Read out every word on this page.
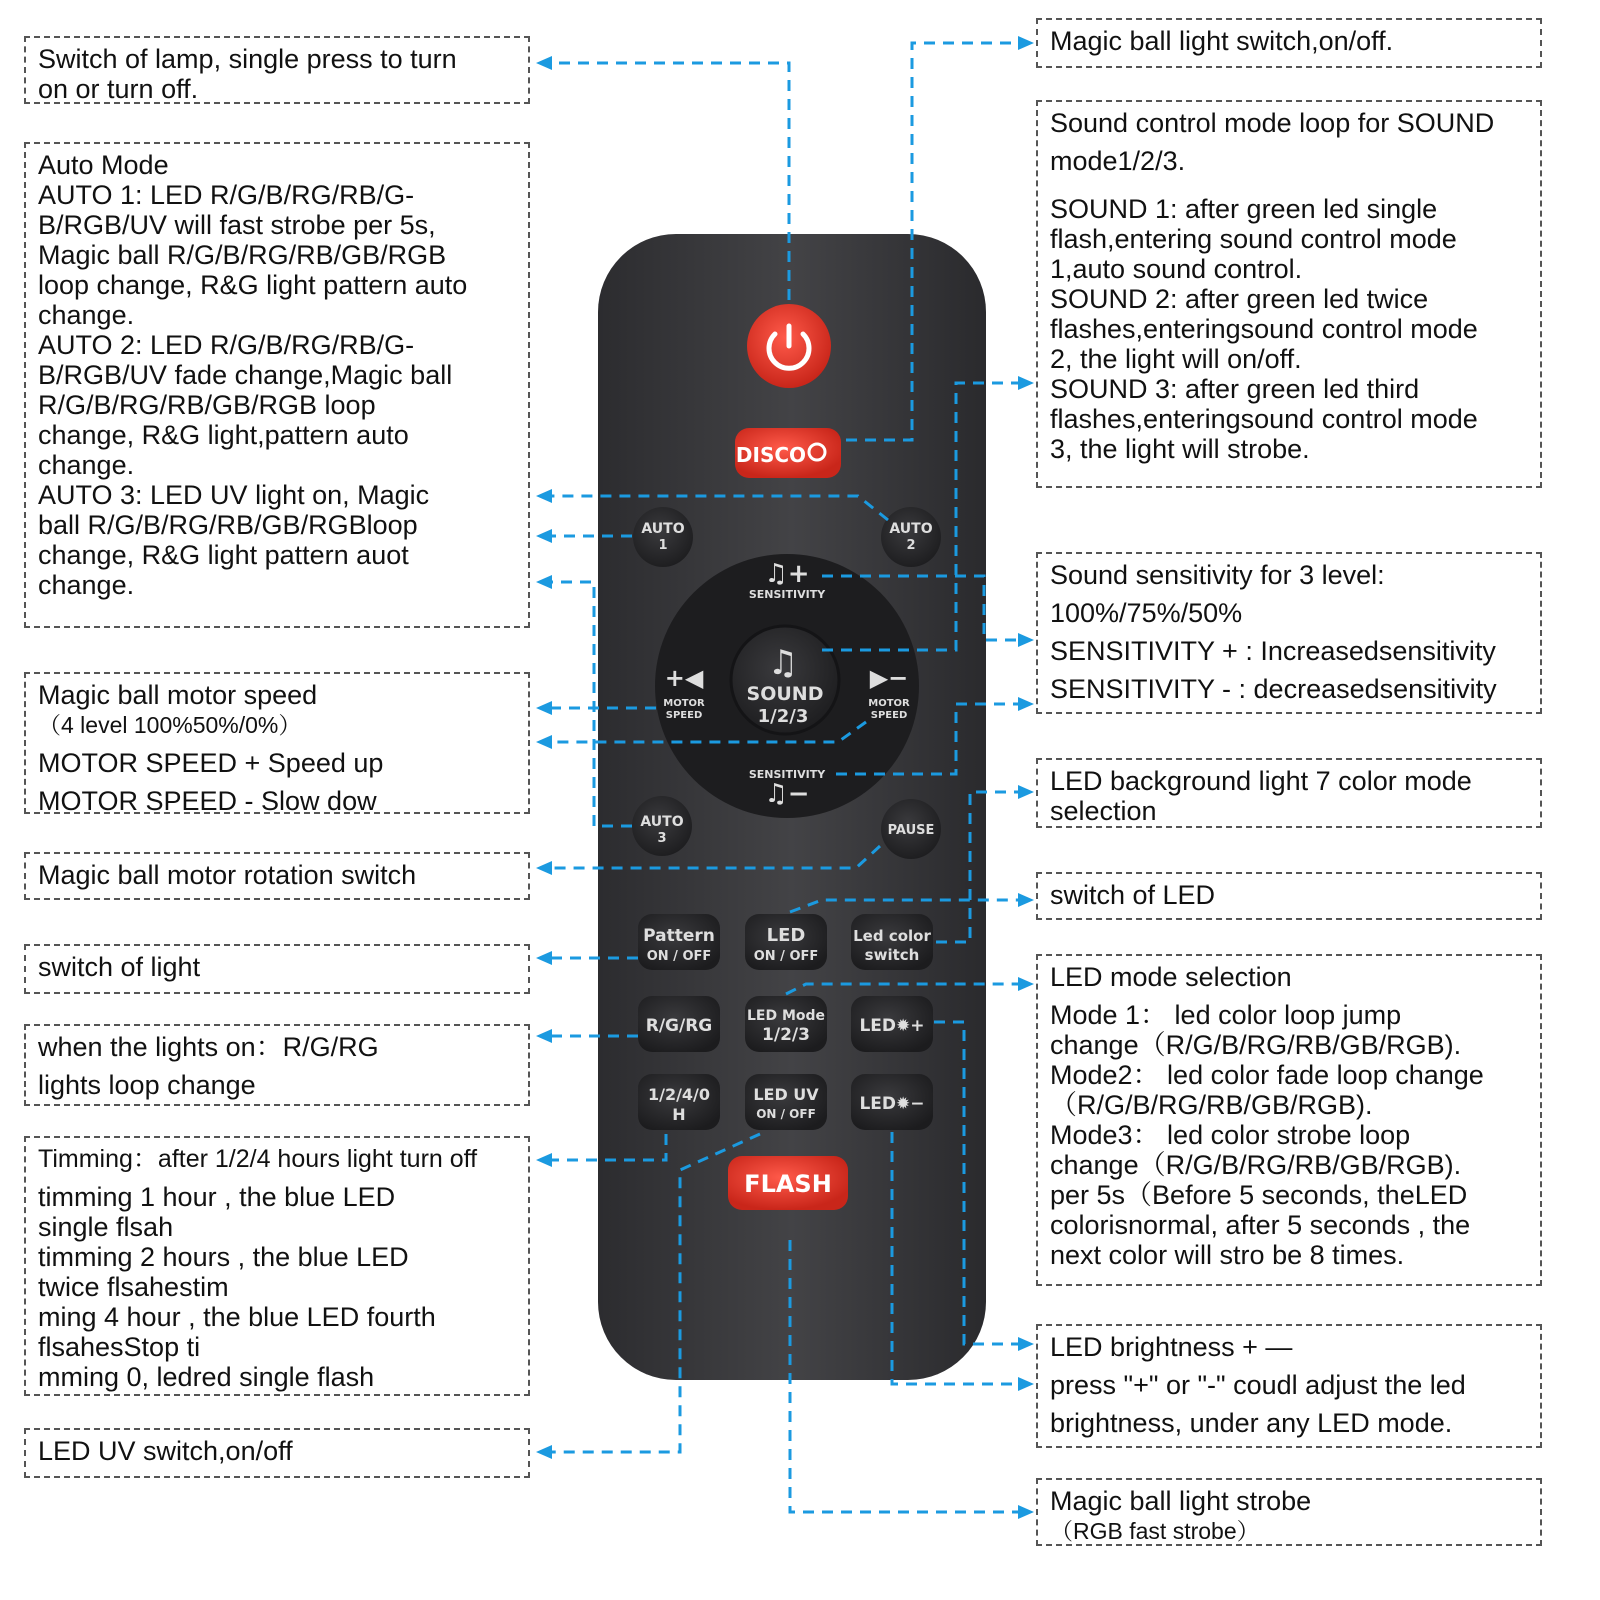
Switch of lamp, single press to turn
on or turn off.
Auto Mode
AUTO 1: LED R/G/B/RG/RB/G-
B/RGB/UV will fast strobe per 5s,
Magic ball R/G/B/RG/RB/GB/RGB
loop change, R&G light pattern auto
change.
AUTO 2: LED R/G/B/RG/RB/G-
B/RGB/UV fade change,Magic ball
R/G/B/RG/RB/GB/RGB loop
change, R&G light,pattern auto
change.
AUTO 3: LED UV light on, Magic
ball R/G/B/RG/RB/GB/RGBloop
change, R&G light pattern auot
change.
Magic ball motor speed
（4 level 100%50%/0%）
MOTOR SPEED + Speed up
MOTOR SPEED - Slow dow
Magic ball motor rotation switch
switch of light
when the lights on：R/G/RG
lights loop change
Timming：after 1/2/4 hours light turn off
timming 1 hour , the blue LED
single flsah
timming 2 hours , the blue LED
twice flsahestim
ming 4 hour , the blue LED fourth
flsahesStop ti
mming 0, ledred single flash
LED UV switch,on/off
Magic ball light switch,on/off.
Sound control mode loop for SOUND
mode1/2/3.
SOUND 1: after green led single
flash,entering sound control mode
1,auto sound control.
SOUND 2: after green led twice
flashes,enteringsound control mode
2, the light will on/off.
SOUND 3: after green led third
flashes,enteringsound control mode
3, the light will strobe.
Sound sensitivity for 3 level:
100%/75%/50%
SENSITIVITY + : Increasedsensitivity
SENSITIVITY - : decreasedsensitivity
LED background light 7 color mode
selection
switch of LED
LED mode selection
Mode 1： led color loop jump
change（R/G/B/RG/RB/GB/RGB).
Mode2： led color fade loop change
（R/G/B/RG/RB/GB/RGB).
Mode3： led color strobe loop
change（R/G/B/RG/RB/GB/RGB).
per 5s（Before 5 seconds, theLED
colorisnormal, after 5 seconds , the
next color will stro be 8 times.
LED brightness + —
press "+" or "-" coudl adjust the led
brightness, under any LED mode.
Magic ball light strobe
（RGB fast strobe）
DISCO
AUTO
1
AUTO
2
♫+
SENSITIVITY
SENSITIVITY
♫−
+◀
MOTOR
SPEED
▶−
MOTOR
SPEED
♫
SOUND
1/2/3
AUTO
3
PAUSE
Pattern
ON / OFF
LED
ON / OFF
Led color
switch
R/G/RG LED Mode
1/2/3	LED✹+
1/2/4/0
H
LED UV
ON / OFF	LED✹−
FLASH
